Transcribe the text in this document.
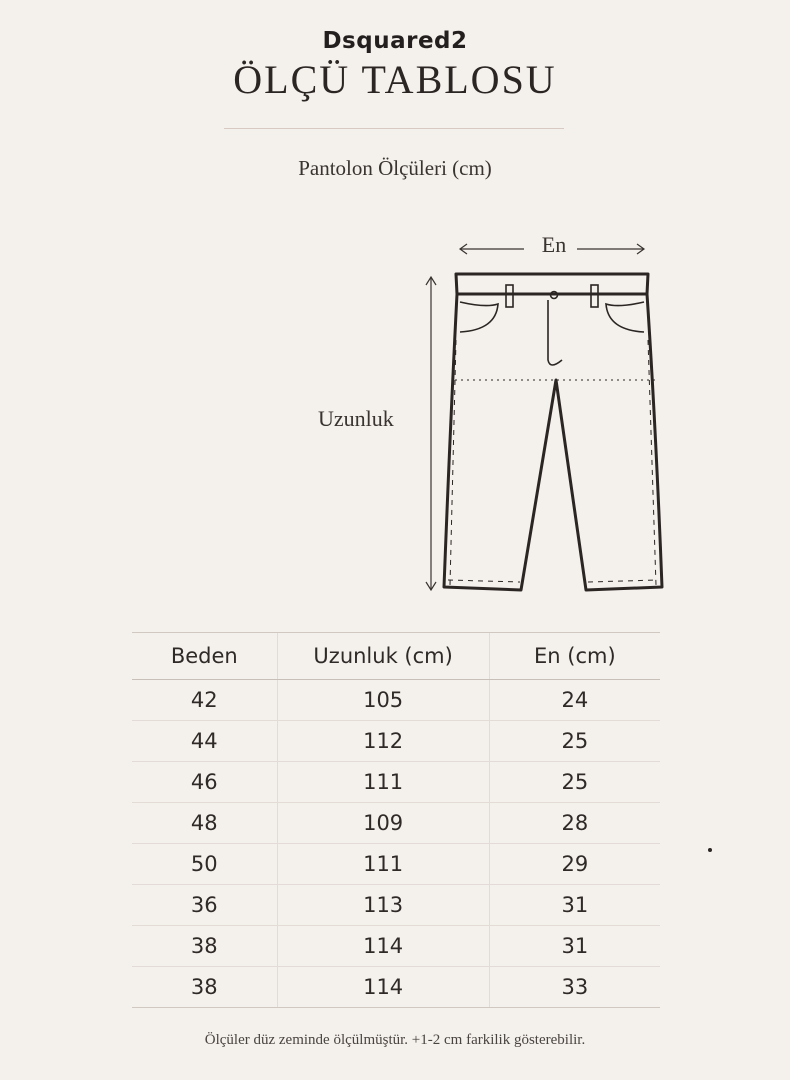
Dsquared2
ÖLÇÜ TABLOSU
Pantolon Ölçüleri (cm)
En
Uzunluk
Beden	Uzunluk (cm)	En (cm)
42	105	24
44	112	25
46	111	25
48	109	28
50	111	29
36	113	31
38	114	31
38	114	33
Ölçüler düz zeminde ölçülmüştür. +1-2 cm farkilik gösterebilir.
